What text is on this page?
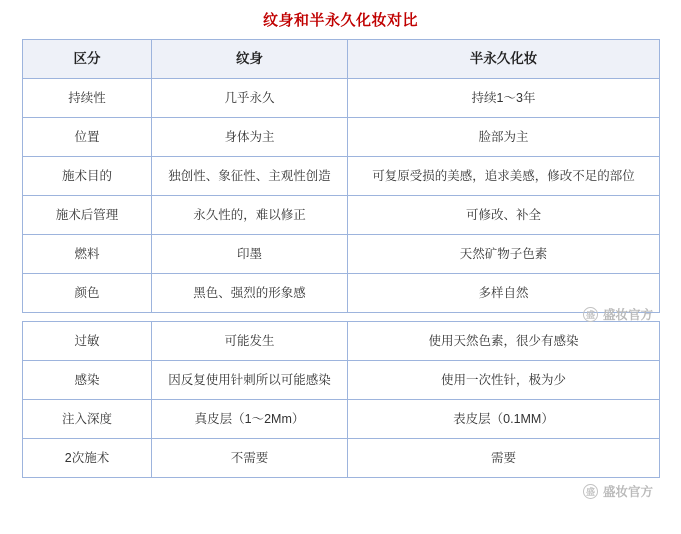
纹身和半永久化妆对比
区分	纹身	半永久化妆
持续性	几乎永久	持续1～3年
位置	身体为主	脸部为主
施术目的	独创性、象征性、主观性创造	可复原受损的美感，追求美感，修改不足的部位
施术后管理	永久性的，难以修正	可修改、补全
燃料	印墨	天然矿物子色素
颜色	黑色、强烈的形象感	多样自然
过敏	可能发生	使用天然色素，很少有感染
感染	因反复使用针刺所以可能感染	使用一次性针，极为少
注入深度	真皮层（1～2Mm）	表皮层（0.1MM）
2次施术	不需要	需要
盛 盛妆官方
盛 盛妆官方
